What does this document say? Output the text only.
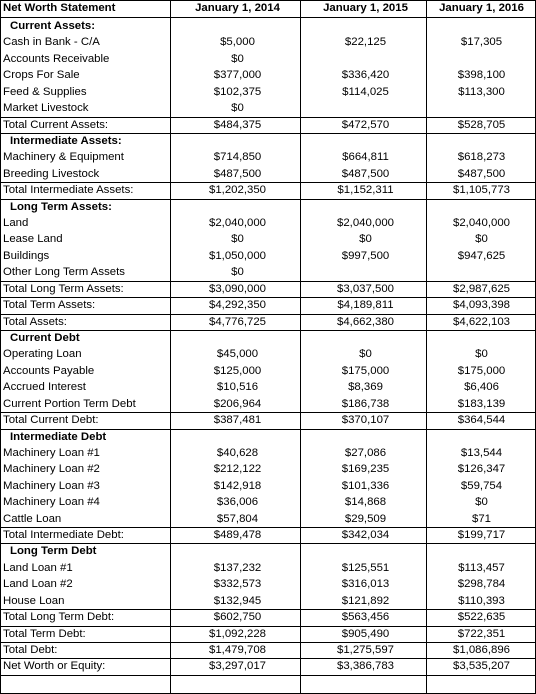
Net Worth Statement	January 1, 2014	January 1, 2015	January 1, 2016
Current Assets:
Cash in Bank - C/A	$5,000	$22,125	$17,305
Accounts Receivable	$0
Crops For Sale	$377,000	$336,420	$398,100
Feed & Supplies	$102,375	$114,025	$113,300
Market Livestock	$0
Total Current Assets:	$484,375	$472,570	$528,705
Intermediate Assets:
Machinery & Equipment	$714,850	$664,811	$618,273
Breeding Livestock	$487,500	$487,500	$487,500
Total Intermediate Assets:	$1,202,350	$1,152,311	$1,105,773
Long Term Assets:
Land	$2,040,000	$2,040,000	$2,040,000
Lease Land	$0	$0	$0
Buildings	$1,050,000	$997,500	$947,625
Other Long Term Assets	$0
Total Long Term Assets:	$3,090,000	$3,037,500	$2,987,625
Total Term Assets:	$4,292,350	$4,189,811	$4,093,398
Total Assets:	$4,776,725	$4,662,380	$4,622,103
Current Debt
Operating Loan	$45,000	$0	$0
Accounts Payable	$125,000	$175,000	$175,000
Accrued Interest	$10,516	$8,369	$6,406
Current Portion Term Debt	$206,964	$186,738	$183,139
Total Current Debt:	$387,481	$370,107	$364,544
Intermediate Debt
Machinery Loan #1	$40,628	$27,086	$13,544
Machinery Loan #2	$212,122	$169,235	$126,347
Machinery Loan #3	$142,918	$101,336	$59,754
Machinery Loan #4	$36,006	$14,868	$0
Cattle Loan	$57,804	$29,509	$71
Total Intermediate Debt:	$489,478	$342,034	$199,717
Long Term Debt
Land Loan #1	$137,232	$125,551	$113,457
Land Loan #2	$332,573	$316,013	$298,784
House Loan	$132,945	$121,892	$110,393
Total Long Term Debt:	$602,750	$563,456	$522,635
Total Term Debt:	$1,092,228	$905,490	$722,351
Total Debt:	$1,479,708	$1,275,597	$1,086,896
Net Worth or Equity:	$3,297,017	$3,386,783	$3,535,207
